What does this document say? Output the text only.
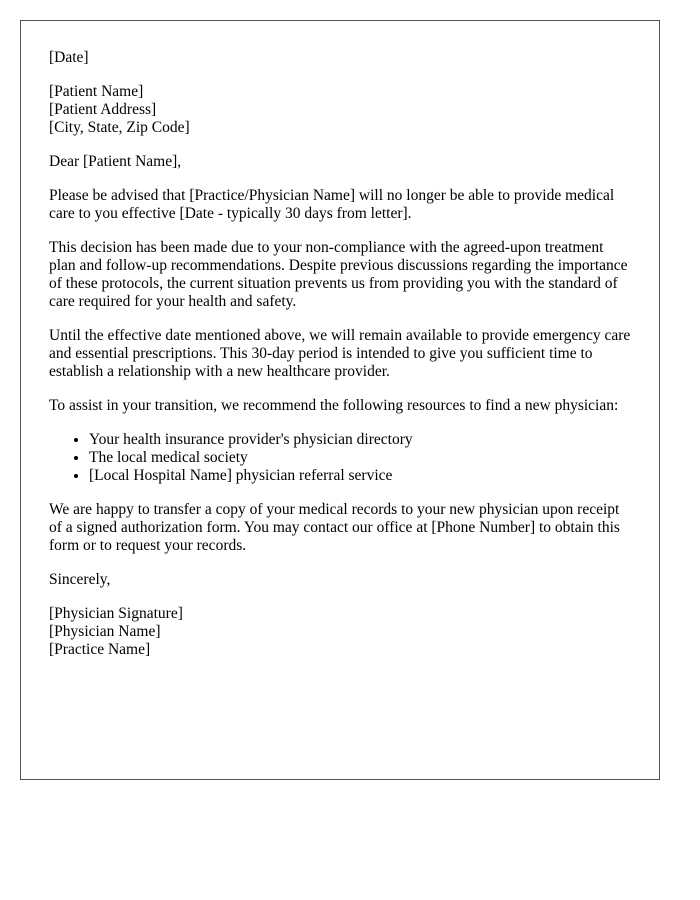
[Date]

[Patient Name]
[Patient Address]
[City, State, Zip Code]

Dear [Patient Name],

Please be advised that [Practice/Physician Name] will no longer be able to provide medical care to you effective [Date - typically 30 days from letter].

This decision has been made due to your non-compliance with the agreed-upon treatment plan and follow-up recommendations. Despite previous discussions regarding the importance of these protocols, the current situation prevents us from providing you with the standard of care required for your health and safety.

Until the effective date mentioned above, we will remain available to provide emergency care and essential prescriptions. This 30-day period is intended to give you sufficient time to establish a relationship with a new healthcare provider.

To assist in your transition, we recommend the following resources to find a new physician:

• Your health insurance provider's physician directory
• The local medical society
• [Local Hospital Name] physician referral service

We are happy to transfer a copy of your medical records to your new physician upon receipt of a signed authorization form. You may contact our office at [Phone Number] to obtain this form or to request your records.

Sincerely,

[Physician Signature]
[Physician Name]
[Practice Name]
